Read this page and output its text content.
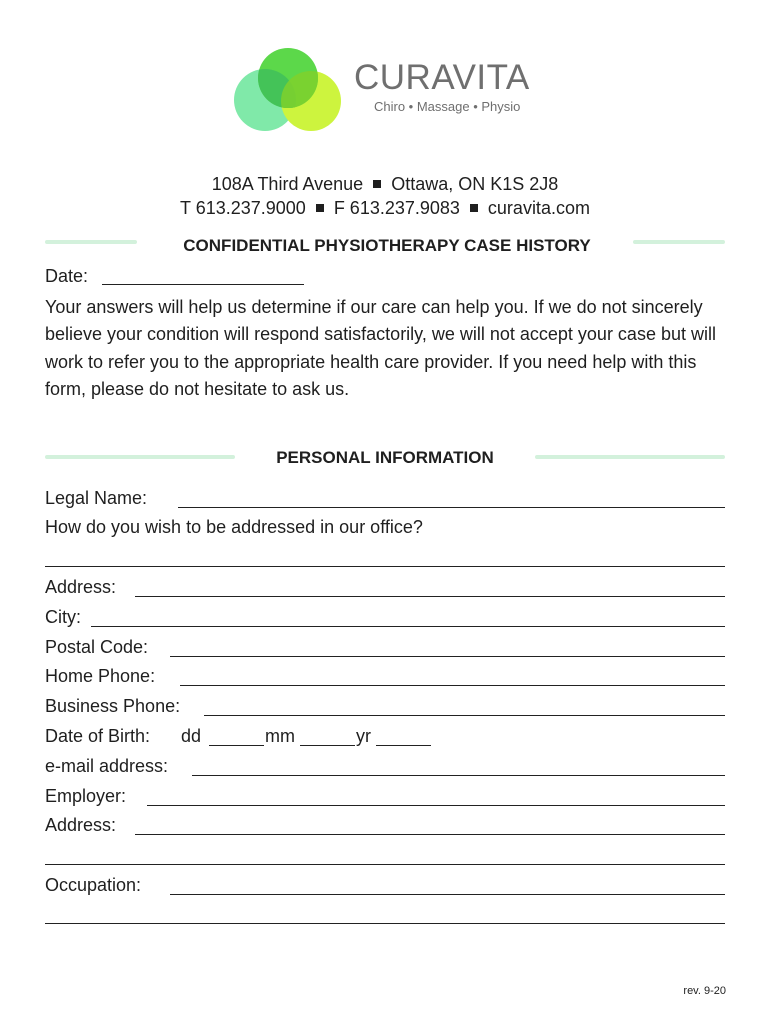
CURAVITA
Chiro • Massage • Physio
108A Third Avenue Ottawa, ON K1S 2J8
T 613.237.9000 F 613.237.9083 curavita.com
CONFIDENTIAL PHYSIOTHERAPY CASE HISTORY
Date:
Your answers will help us determine if our care can help you. If we do not sincerely believe your condition will respond satisfactorily, we will not accept your case but will work to refer you to the appropriate health care provider. If you need help with this form, please do not hesitate to ask us.
PERSONAL INFORMATION
Legal Name:
How do you wish to be addressed in our office?
Address:
City:
Postal Code:
Home Phone:
Business Phone:
Date of Birth: dd	mm	yr
e-mail address:
Employer:
Address:
Occupation:
rev. 9-20
